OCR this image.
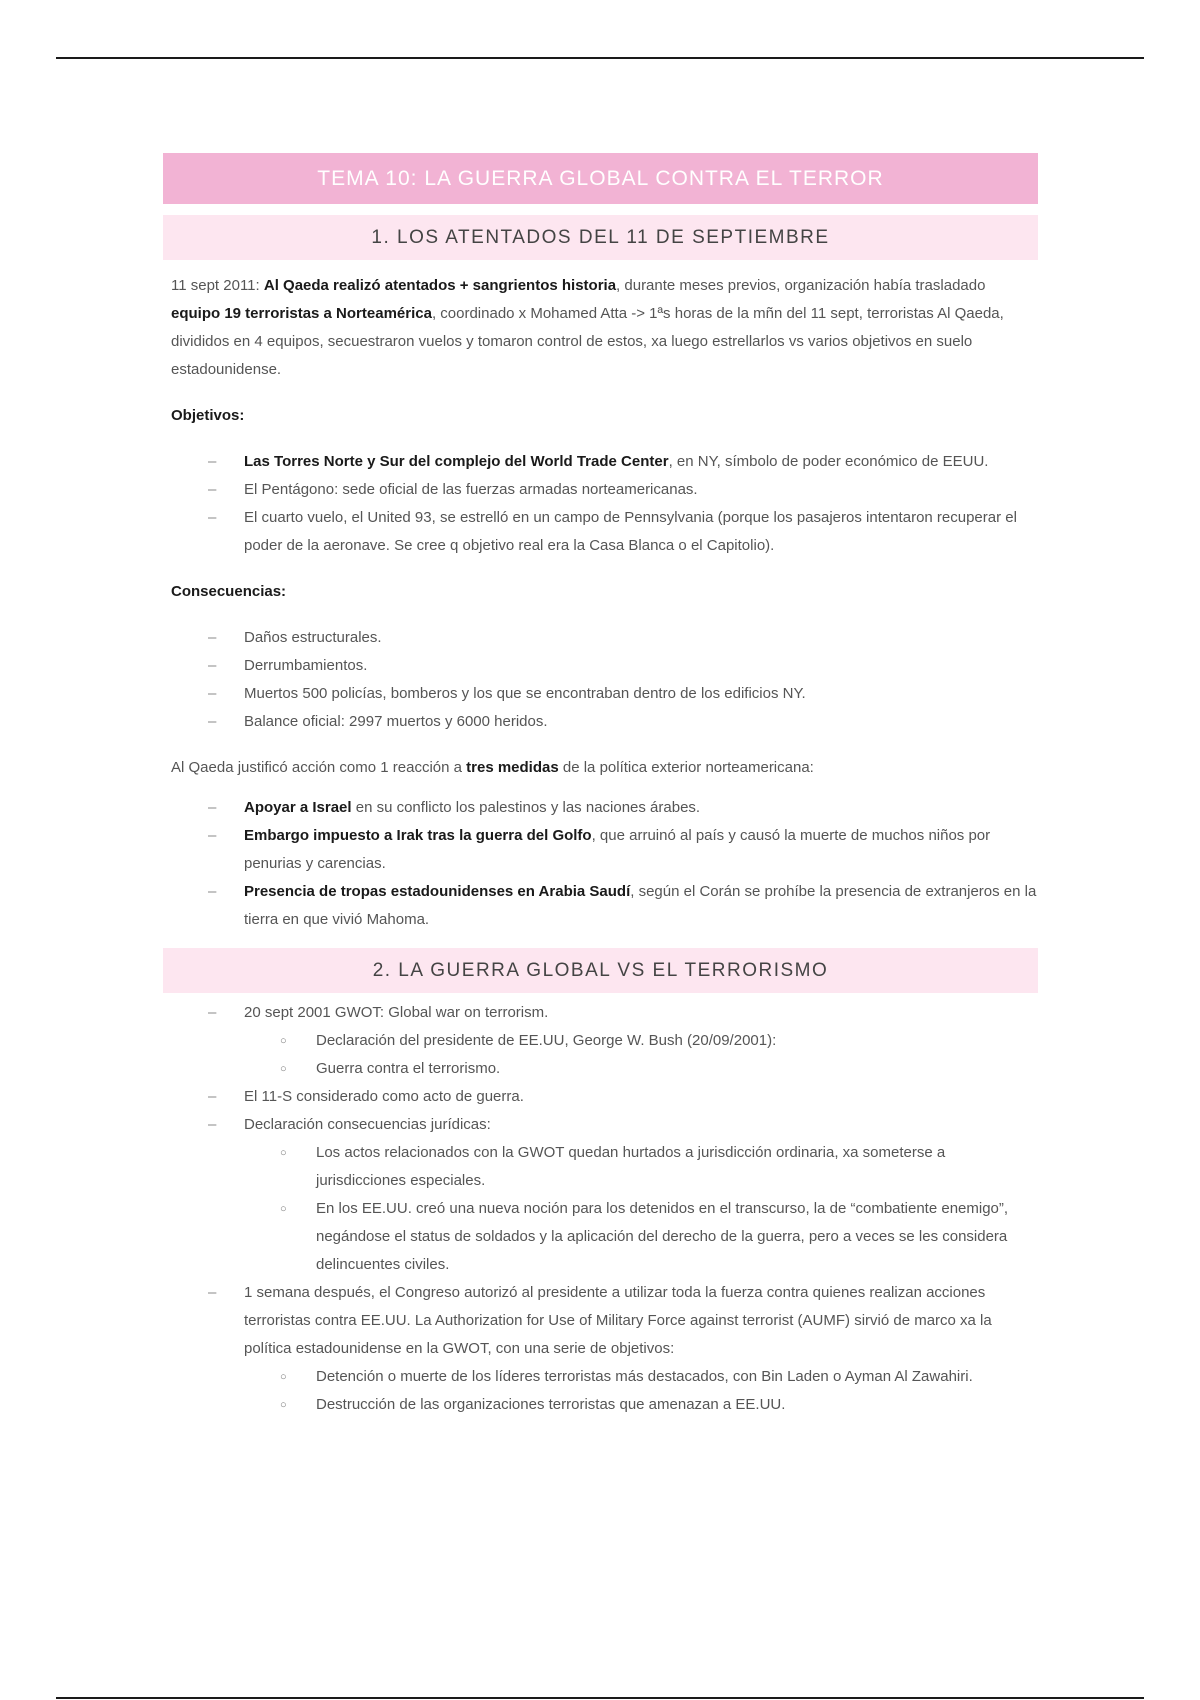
TEMA 10: LA GUERRA GLOBAL CONTRA EL TERROR
1. LOS ATENTADOS DEL 11 DE SEPTIEMBRE

11 sept 2011: Al Qaeda realizó atentados + sangrientos historia, durante meses previos, organización había trasladado equipo 19 terroristas a Norteamérica, coordinado x Mohamed Atta -> 1ªs horas de la mñn del 11 sept, terroristas Al Qaeda, divididos en 4 equipos, secuestraron vuelos y tomaron control de estos, xa luego estrellarlos vs varios objetivos en suelo estadounidense.

Objetivos:
– Las Torres Norte y Sur del complejo del World Trade Center, en NY, símbolo de poder económico de EEUU.
– El Pentágono: sede oficial de las fuerzas armadas norteamericanas.
– El cuarto vuelo, el United 93, se estrelló en un campo de Pennsylvania (porque los pasajeros intentaron recuperar el poder de la aeronave. Se cree q objetivo real era la Casa Blanca o el Capitolio).
Consecuencias:
– Daños estructurales.
– Derrumbamientos.
– Muertos 500 policías, bomberos y los que se encontraban dentro de los edificios NY.
– Balance oficial: 2997 muertos y 6000 heridos.

Al Qaeda justificó acción como 1 reacción a tres medidas de la política exterior norteamericana:

– Apoyar a Israel en su conflicto los palestinos y las naciones árabes.
– Embargo impuesto a Irak tras la guerra del Golfo, que arruinó al país y causó la muerte de muchos niños por penurias y carencias.
– Presencia de tropas estadounidenses en Arabia Saudí, según el Corán se prohíbe la presencia de extranjeros en la tierra en que vivió Mahoma.
2. LA GUERRA GLOBAL VS EL TERRORISMO
– 20 sept 2001 GWOT: Global war on terrorism.
○ Declaración del presidente de EE.UU, George W. Bush (20/09/2001):
○ Guerra contra el terrorismo.
– El 11-S considerado como acto de guerra.
– Declaración consecuencias jurídicas:
○ Los actos relacionados con la GWOT quedan hurtados a jurisdicción ordinaria, xa someterse a jurisdicciones especiales.
○ En los EE.UU. creó una nueva noción para los detenidos en el transcurso, la de “combatiente enemigo”, negándose el status de soldados y la aplicación del derecho de la guerra, pero a veces se les considera delincuentes civiles.
– 1 semana después, el Congreso autorizó al presidente a utilizar toda la fuerza contra quienes realizan acciones terroristas contra EE.UU. La Authorization for Use of Military Force against terrorist (AUMF) sirvió de marco xa la política estadounidense en la GWOT, con una serie de objetivos:
○ Detención o muerte de los líderes terroristas más destacados, con Bin Laden o Ayman Al Zawahiri.
○ Destrucción de las organizaciones terroristas que amenazan a EE.UU.
